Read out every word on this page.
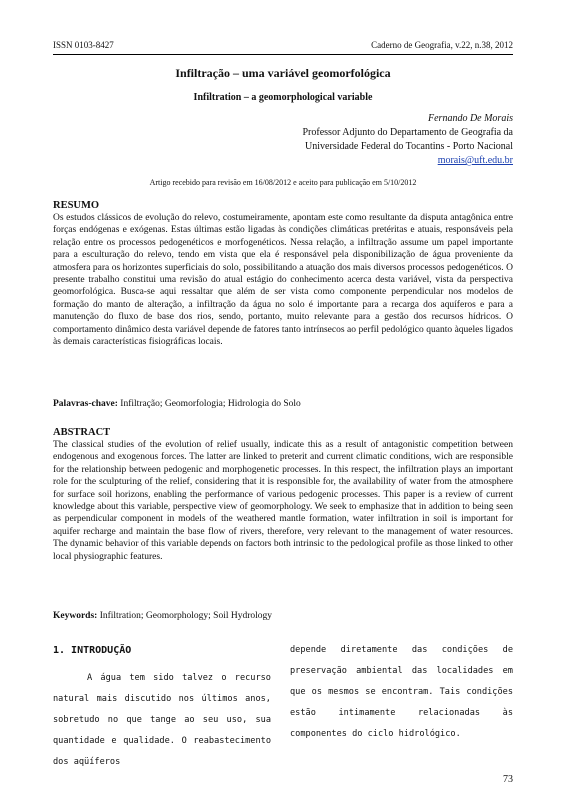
ISSN 0103-8427	Caderno de Geografia, v.22, n.38, 2012
Infiltração – uma variável geomorfológica
Infiltration – a geomorphological variable
Fernando De Morais
Professor Adjunto do Departamento de Geografia da
Universidade Federal do Tocantins - Porto Nacional
morais@uft.edu.br
Artigo recebido para revisão em 16/08/2012 e aceito para publicação em 5/10/2012
RESUMO
Os estudos clássicos de evolução do relevo, costumeiramente, apontam este como resultante da disputa antagônica entre forças endógenas e exógenas. Estas últimas estão ligadas às condições climáticas pretéritas e atuais, responsáveis pela relação entre os processos pedogenéticos e morfogenéticos. Nessa relação, a infiltração assume um papel importante para a esculturação do relevo, tendo em vista que ela é responsável pela disponibilização de água proveniente da atmosfera para os horizontes superficiais do solo, possibilitando a atuação dos mais diversos processos pedogenéticos. O presente trabalho constitui uma revisão do atual estágio do conhecimento acerca desta variável, vista da perspectiva geomorfológica. Busca-se aqui ressaltar que além de ser vista como componente perpendicular nos modelos de formação do manto de alteração, a infiltração da água no solo é importante para a recarga dos aquíferos e para a manutenção do fluxo de base dos rios, sendo, portanto, muito relevante para a gestão dos recursos hídricos. O comportamento dinâmico desta variável depende de fatores tanto intrínsecos ao perfil pedológico quanto àqueles ligados às demais características fisiográficas locais.
Palavras-chave: Infiltração; Geomorfologia; Hidrologia do Solo
ABSTRACT
The classical studies of the evolution of relief usually, indicate this as a result of antagonistic competition between endogenous and exogenous forces. The latter are linked to preterit and current climatic conditions, wich are responsible for the relationship between pedogenic and morphogenetic processes. In this respect, the infiltration plays an important role for the sculpturing of the relief, considering that it is responsible for, the availability of water from the atmosphere for surface soil horizons, enabling the performance of various pedogenic processes. This paper is a review of current knowledge about this variable, perspective view of geomorphology. We seek to emphasize that in addition to being seen as perpendicular component in models of the weathered mantle formation, water infiltration in soil is important for aquifer recharge and maintain the base flow of rivers, therefore, very relevant to the management of water resources. The dynamic behavior of this variable depends on factors both intrinsic to the pedological profile as those linked to other local physiographic features.
Keywords: Infiltration; Geomorphology; Soil Hydrology
1. INTRODUÇÃO
A água tem sido talvez o recurso natural mais discutido nos últimos anos, sobretudo no que tange ao seu uso, sua quantidade e qualidade. O reabastecimento dos aqüíferos
depende diretamente das condições de preservação ambiental das localidades em que os mesmos se encontram. Tais condições estão intimamente relacionadas às componentes do ciclo hidrológico.
73
